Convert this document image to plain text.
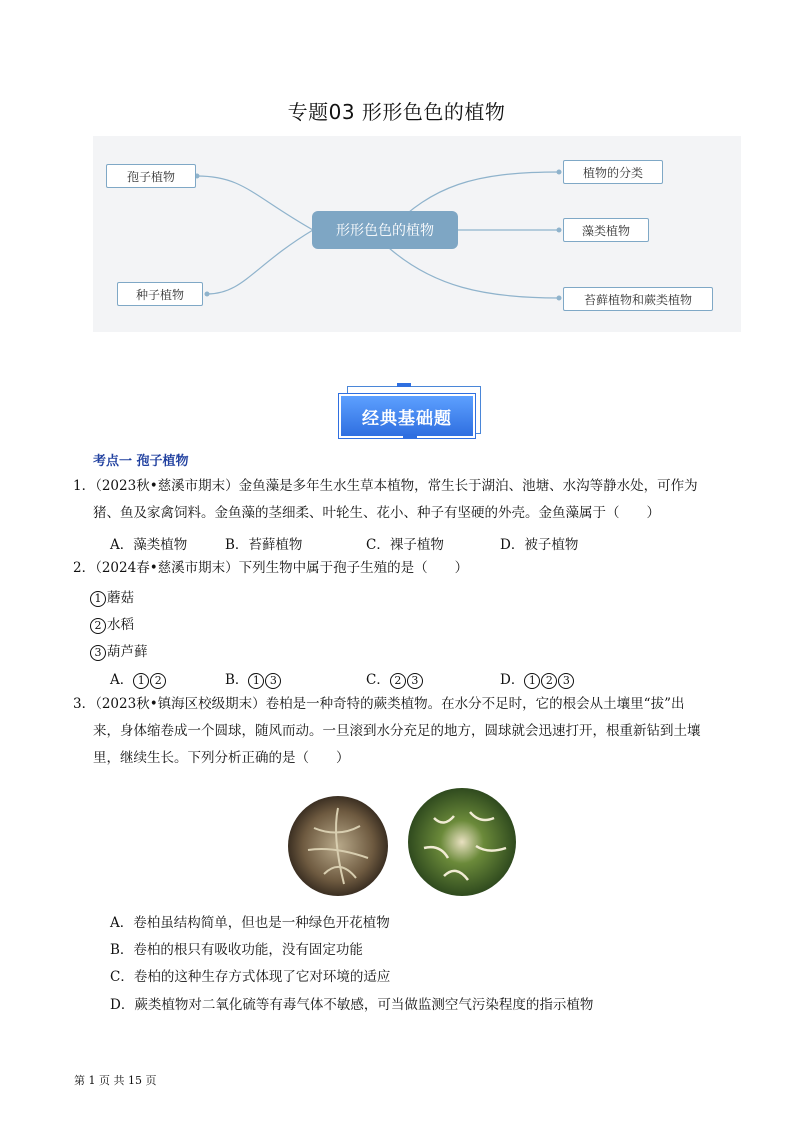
专题03 形形色色的植物
形形色色的植物
孢子植物
种子植物
植物的分类
藻类植物
苔藓植物和蕨类植物
经典基础题
考点一 孢子植物
1．（2023秋•慈溪市期末）金鱼藻是多年生水生草本植物，常生长于湖泊、池塘、水沟等静水处，可作为
猪、鱼及家禽饲料。金鱼藻的茎细柔、叶轮生、花小、种子有坚硬的外壳。金鱼藻属于（　　）
A．藻类植物	B．苔藓植物	C．裸子植物	D．被子植物
2．（2024春•慈溪市期末）下列生物中属于孢子生殖的是（　　）
1 蘑菇
2 水稻
3 葫芦藓
A． 1 2	B． 1 3	C． 2 3	D． 1 2 3
3．（2023秋•镇海区校级期末）卷柏是一种奇特的蕨类植物。在水分不足时，它的根会从土壤里“拔”出
来，身体缩卷成一个圆球，随风而动。一旦滚到水分充足的地方，圆球就会迅速打开，根重新钻到土壤
里，继续生长。下列分析正确的是（　　）
A．卷柏虽结构简单，但也是一种绿色开花植物
B．卷柏的根只有吸收功能，没有固定功能
C．卷柏的这种生存方式体现了它对环境的适应
D．蕨类植物对二氧化硫等有毒气体不敏感，可当做监测空气污染程度的指示植物
第 1 页 共 15 页
